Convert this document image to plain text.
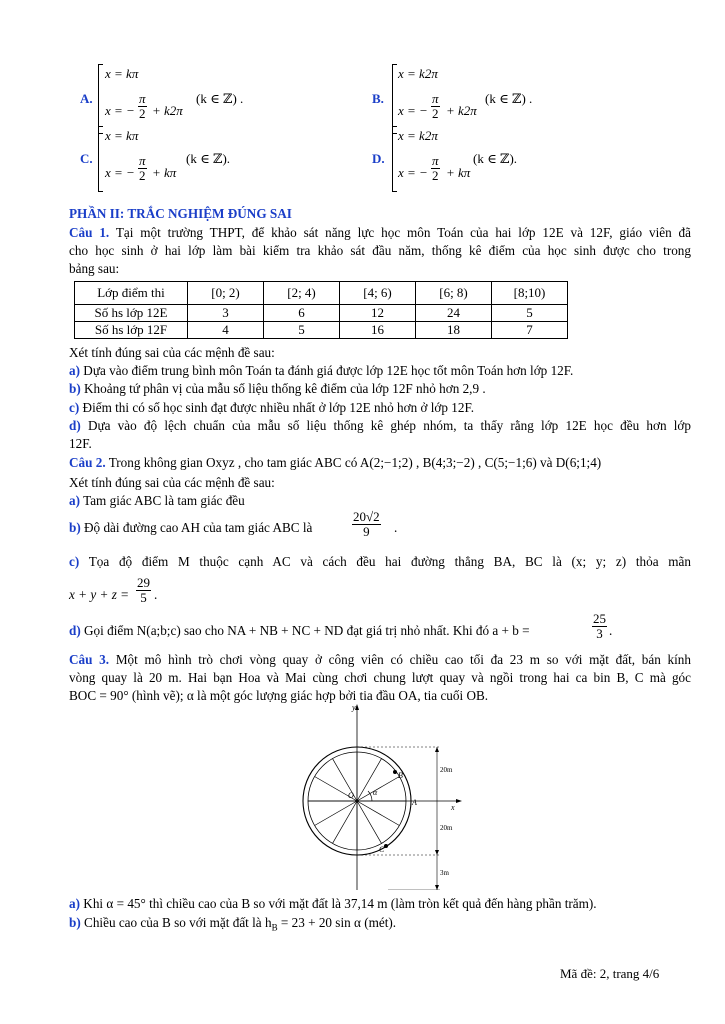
A.
x = kπ
x = − $\frac{\pi}{2} + k2\pi$
(k ∈ ℤ) .	B.
x = k2π
x = − $\frac{\pi}{2} + k2\pi$
(k ∈ ℤ) .
C.
x = kπ
x = − $\frac{\pi}{2} + k\pi$
(k ∈ ℤ).	D.
x = k2π
x = − $\frac{\pi}{2} + k\pi$
(k ∈ ℤ).
PHẦN II: TRẮC NGHIỆM ĐÚNG SAI
Câu 1. Tại một trường THPT, để khảo sát năng lực học môn Toán của hai lớp 12E và 12F, giáo viên đã
cho học sinh ở hai lớp làm bài kiểm tra khảo sát đầu năm, thống kê điểm của học sinh được cho trong
bảng sau:
Lớp điểm thi	[0; 2)	[2; 4)	[4; 6)	[6; 8)	[8;10)
Số hs lớp 12E	3	6	12	24	5
Số hs lớp 12F	4	5	16	18	7
Xét tính đúng sai của các mệnh đề sau:
a) Dựa vào điểm trung bình môn Toán ta đánh giá được lớp 12E học tốt môn Toán hơn lớp 12F.
b) Khoảng tứ phân vị của mẫu số liệu thống kê điểm của lớp 12F nhỏ hơn 2,9 .
c) Điểm thi có số học sinh đạt được nhiều nhất ở lớp 12E nhỏ hơn ở lớp 12F.
d) Dựa vào độ lệch chuẩn của mẫu số liệu thống kê ghép nhóm, ta thấy rằng lớp 12E học đều hơn lớp
12F.
Câu 2. Trong không gian Oxyz , cho tam giác ABC có A(2;−1;2) , B(4;3;−2) , C(5;−1;6) và D(6;1;4)
Xét tính đúng sai của các mệnh đề sau:
a) Tam giác ABC là tam giác đều
b) Độ dài đường cao AH của tam giác ABC là	$\frac{20√2}{9}$ .
c) Tọa độ điểm M thuộc cạnh AC và cách đều hai đường thẳng BA, BC là (x; y; z) thỏa mãn
$x + y + z = \frac{29}{5}$ .
d) Gọi điểm N(a;b;c) sao cho NA + NB + NC + ND đạt giá trị nhỏ nhất. Khi đó a + b =	$\frac{25}{3}$ .
Câu 3. Một mô hình trò chơi vòng quay ở công viên có chiều cao tối đa 23 m so với mặt đất, bán kính
vòng quay là 20 m. Hai bạn Hoa và Mai cùng chơi chung lượt quay và ngồi trong hai ca bin B, C mà góc
BOC = 90° (hình vẽ); α là một góc lượng giác hợp bởi tia đầu OA, tia cuối OB.
y
x
O
A
B
C
α
20m
20m
3m
a) Khi α = 45° thì chiều cao của B so với mặt đất là 37,14 m (làm tròn kết quả đến hàng phần trăm).
b) Chiều cao của B so với mặt đất là $h_B = 23 + 20$ sin α (mét).
Mã đề: 2, trang 4/6
